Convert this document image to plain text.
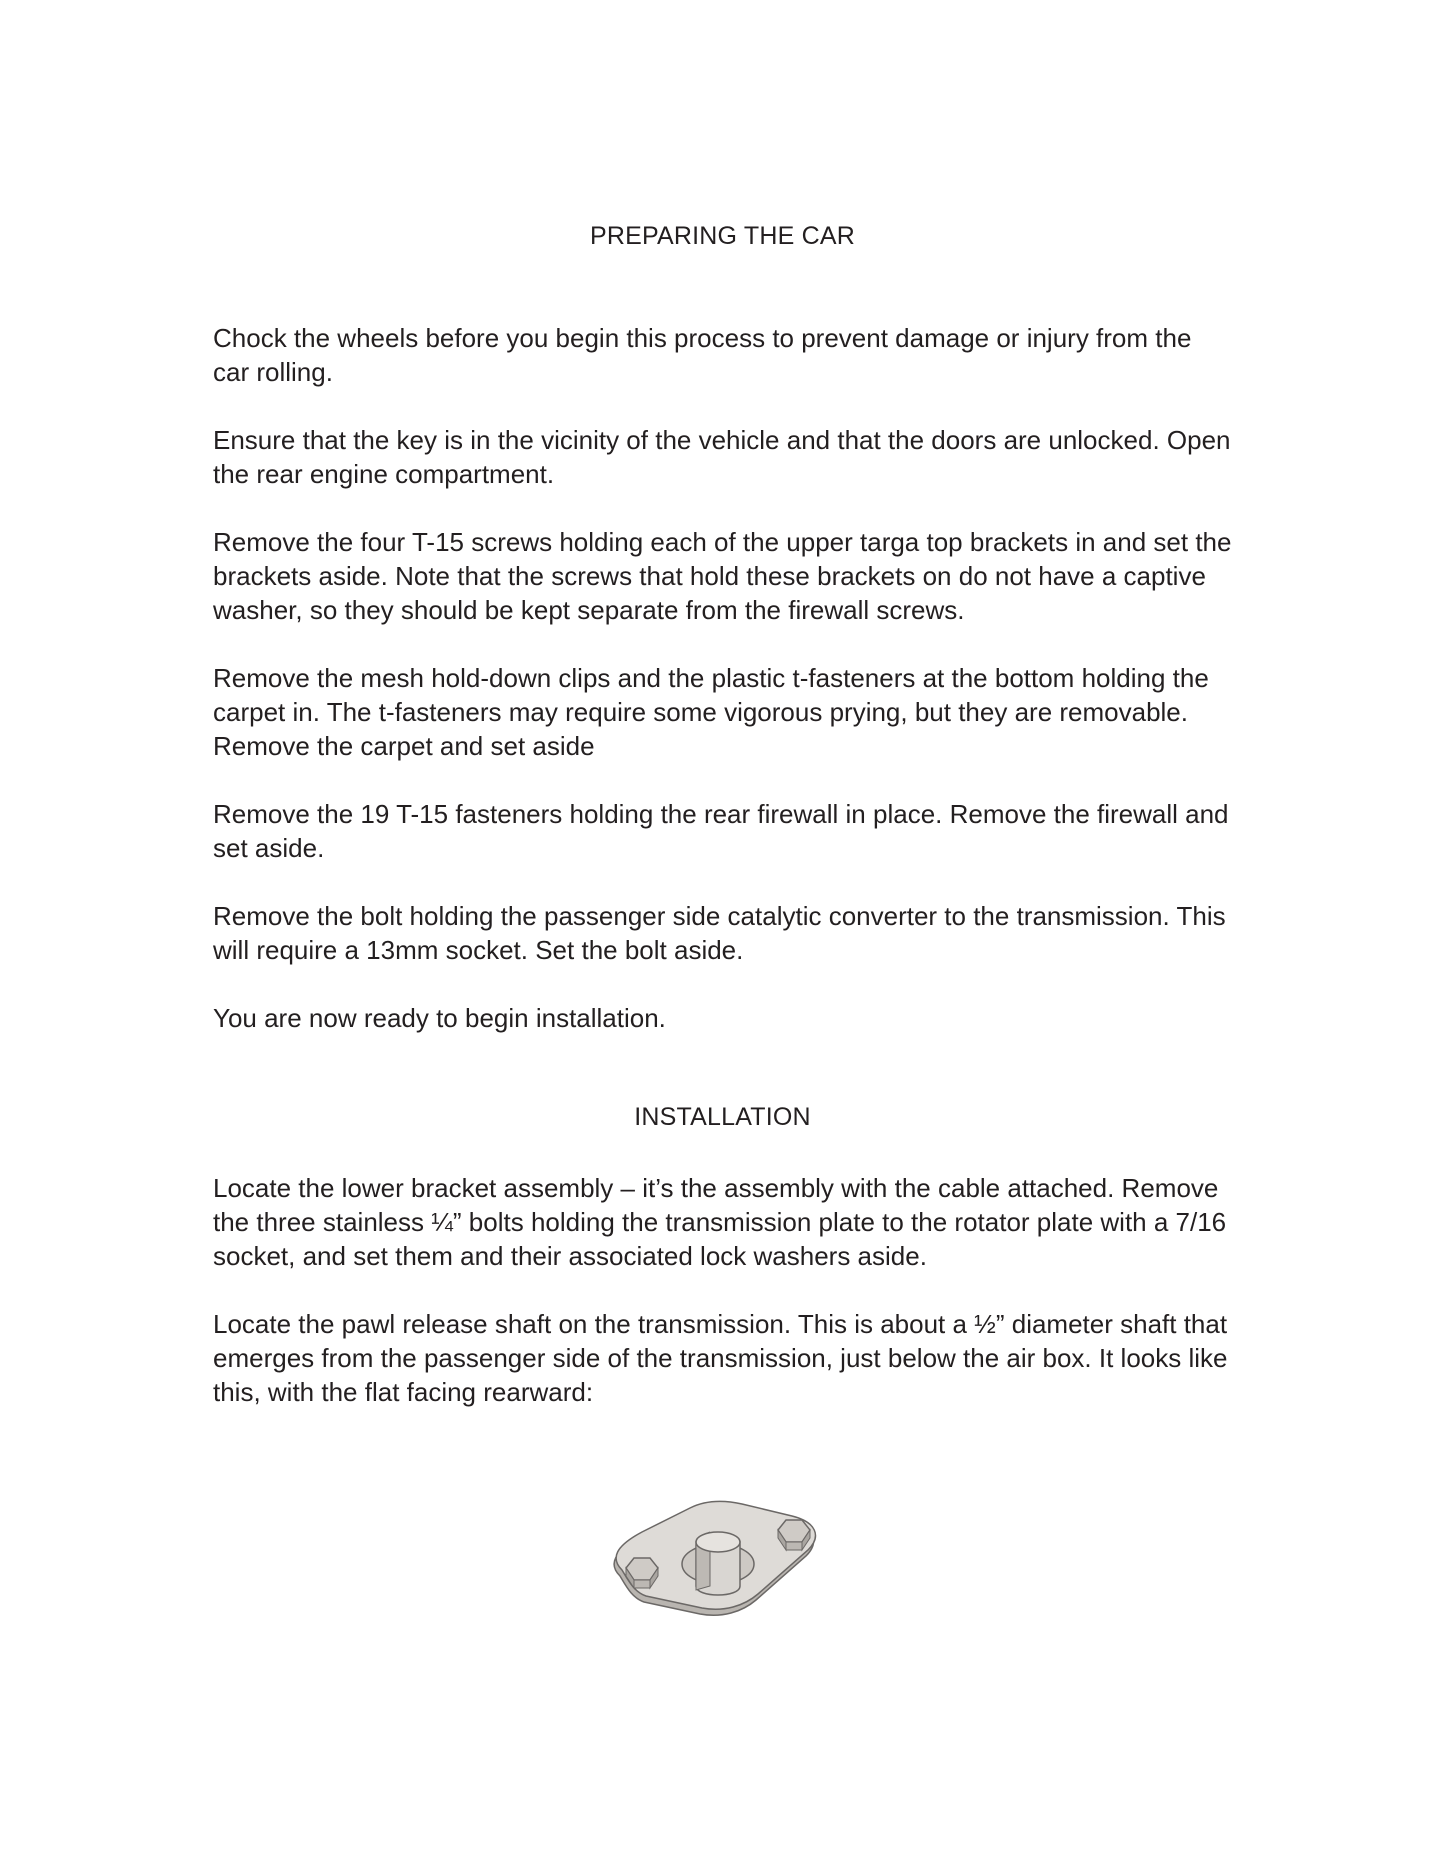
PREPARING THE CAR

Chock the wheels before you begin this process to prevent damage or injury from the
car rolling.

Ensure that the key is in the vicinity of the vehicle and that the doors are unlocked. Open
the rear engine compartment.

Remove the four T-15 screws holding each of the upper targa top brackets in and set the
brackets aside. Note that the screws that hold these brackets on do not have a captive
washer, so they should be kept separate from the firewall screws.

Remove the mesh hold-down clips and the plastic t-fasteners at the bottom holding the
carpet in. The t-fasteners may require some vigorous prying, but they are removable.
Remove the carpet and set aside

Remove the 19 T-15 fasteners holding the rear firewall in place. Remove the firewall and
set aside.

Remove the bolt holding the passenger side catalytic converter to the transmission. This
will require a 13mm socket. Set the bolt aside.

You are now ready to begin installation.

INSTALLATION

Locate the lower bracket assembly – it’s the assembly with the cable attached. Remove
the three stainless ¼” bolts holding the transmission plate to the rotator plate with a 7/16
socket, and set them and their associated lock washers aside.

Locate the pawl release shaft on the transmission. This is about a ½” diameter shaft that
emerges from the passenger side of the transmission, just below the air box. It looks like
this, with the flat facing rearward:
